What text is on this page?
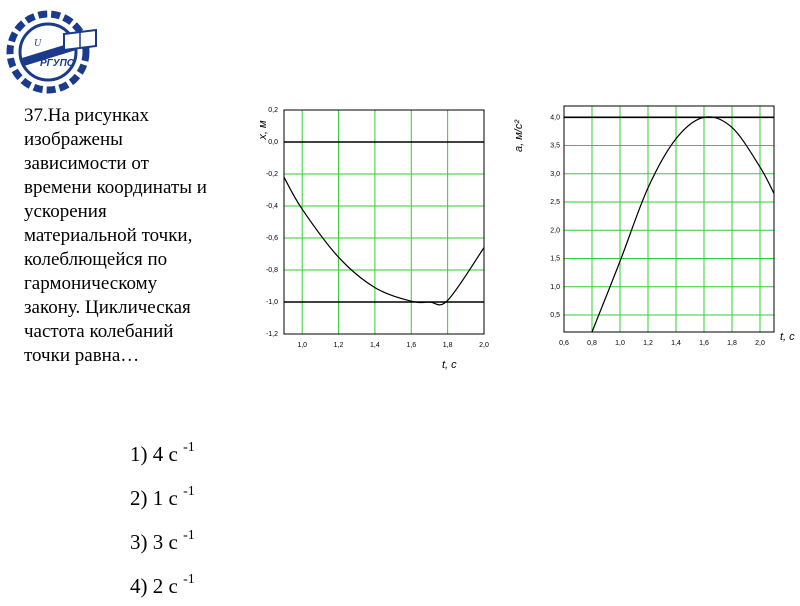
U
РГУПС
37.На рисунках
изображены
зависимости от
времени координаты и
ускорения
материальной точки,
колеблющейся по
гармоническому
закону. Циклическая
частота колебаний
точки равна…	1,0	1,2	1,4	1,6	1,8	2,0
0,2
0,0
-0,2
-0,4
-0,6
-0,8
-1,0
-1,2
x, м
t, с
0,6	0,8	1,0	1,2	1,4	1,6	1,8	2,0
4,0
3,5
3,0
2,5
2,0
1,5
1,0
0,5
a, м/с²
t, с
1) 4 с $^{-1}$
2) 1 с $^{-1}$
3) 3 с $^{-1}$
4) 2 с $^{-1}$
